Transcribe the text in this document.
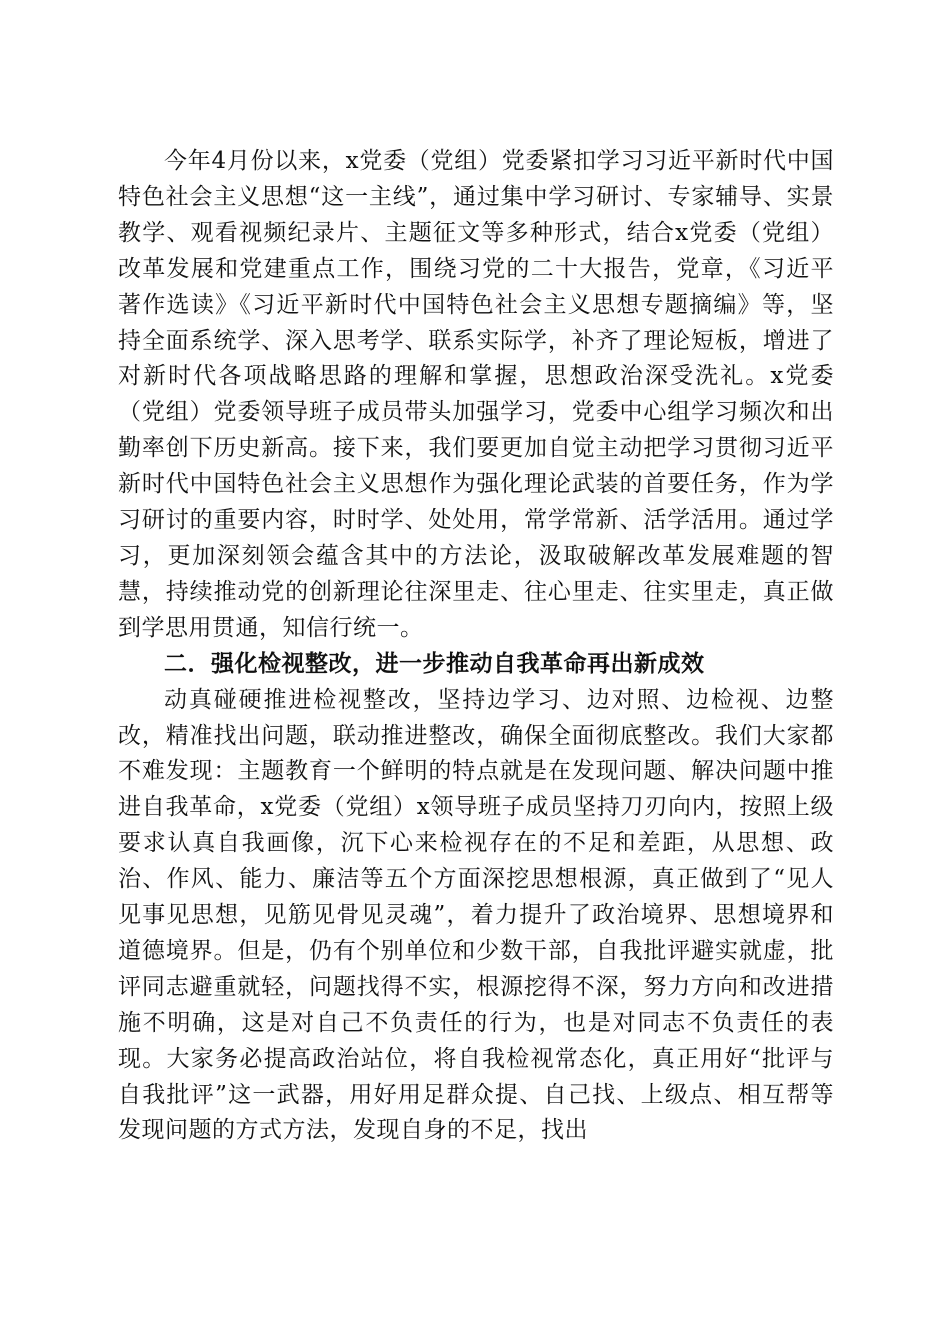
今年4月份以来，x党委（党组）党委紧扣学习习近平新时代中国特色社会主义思想“这一主线”，通过集中学习研讨、专家辅导、实景教学、观看视频纪录片、主题征文等多种形式，结合x党委（党组）改革发展和党建重点工作，围绕习党的二十大报告，党章，《习近平著作选读》《习近平新时代中国特色社会主义思想专题摘编》等，坚持全面系统学、深入思考学、联系实际学，补齐了理论短板，增进了对新时代各项战略思路的理解和掌握，思想政治深受洗礼。x党委（党组）党委领导班子成员带头加强学习，党委中心组学习频次和出勤率创下历史新高。接下来，我们要更加自觉主动把学习贯彻习近平新时代中国特色社会主义思想作为强化理论武装的首要任务，作为学习研讨的重要内容，时时学、处处用，常学常新、活学活用。通过学习，更加深刻领会蕴含其中的方法论，汲取破解改革发展难题的智慧，持续推动党的创新理论往深里走、往心里走、往实里走，真正做到学思用贯通，知信行统一。

二．强化检视整改，进一步推动自我革命再出新成效

动真碰硬推进检视整改，坚持边学习、边对照、边检视、边整改，精准找出问题，联动推进整改，确保全面彻底整改。我们大家都不难发现：主题教育一个鲜明的特点就是在发现问题、解决问题中推进自我革命，x党委（党组）x领导班子成员坚持刀刃向内，按照上级要求认真自我画像，沉下心来检视存在的不足和差距，从思想、政治、作风、能力、廉洁等五个方面深挖思想根源，真正做到了“见人见事见思想，见筋见骨见灵魂”，着力提升了政治境界、思想境界和道德境界。但是，仍有个别单位和少数干部，自我批评避实就虚，批评同志避重就轻，问题找得不实，根源挖得不深，努力方向和改进措施不明确，这是对自己不负责任的行为，也是对同志不负责任的表现。大家务必提高政治站位，将自我检视常态化，真正用好“批评与自我批评”这一武器，用好用足群众提、自己找、上级点、相互帮等发现问题的方式方法，发现自身的不足，找出
